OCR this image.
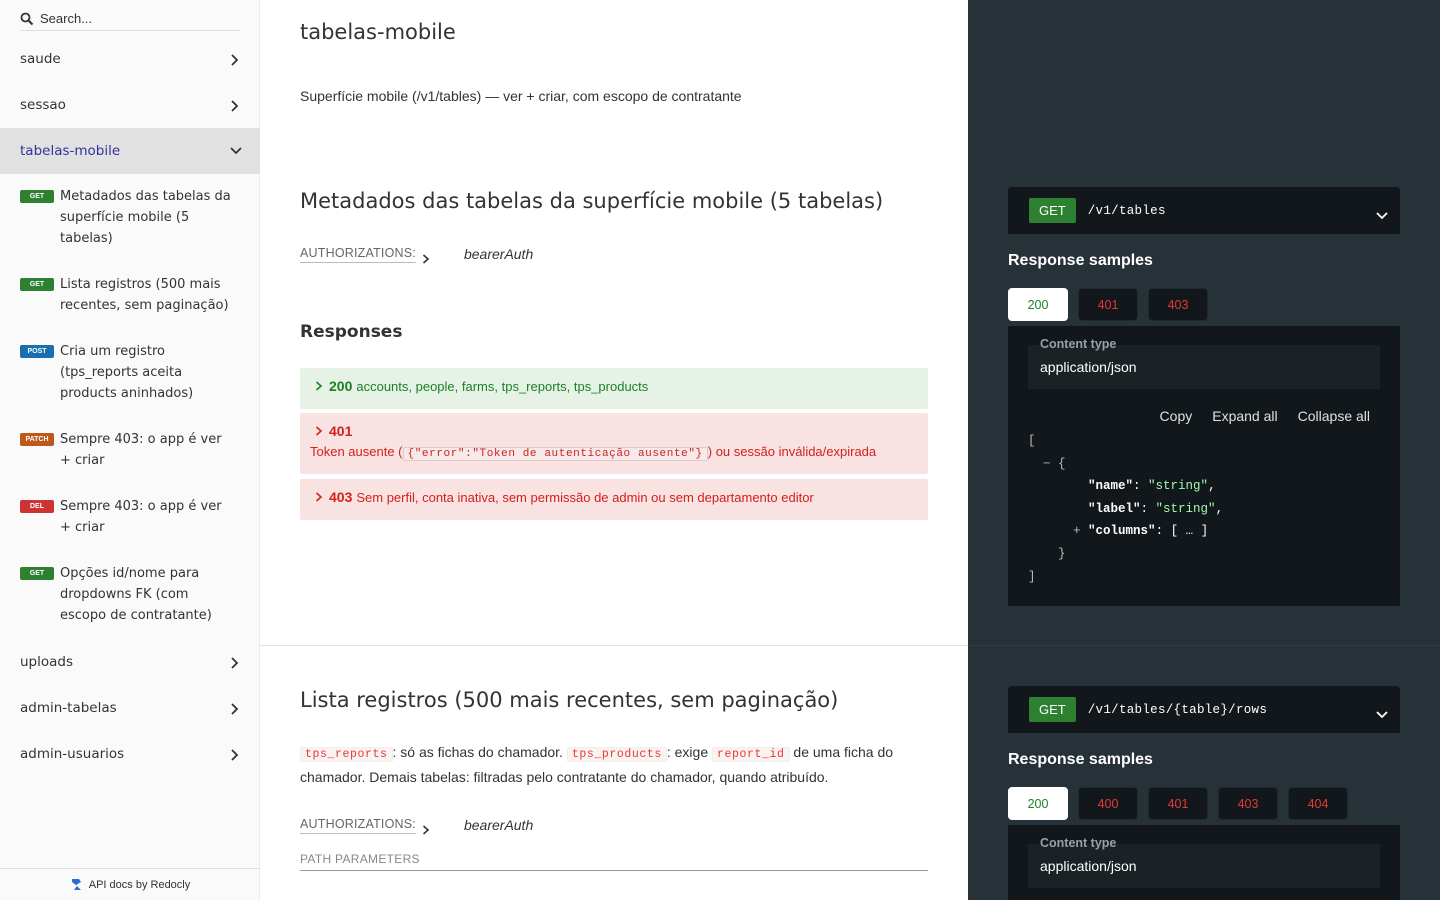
Search...
saude
sessao
tabelas-mobile
GET	Metadados das tabelas da superfície mobile (5 tabelas)
GET	Lista registros (500 mais recentes, sem paginação)
POST	Cria um registro (tps_reports aceita products aninhados)
PATCH Sempre 403: o app é ver + criar
DEL	Sempre 403: o app é ver + criar
GET	Opções id/nome para dropdowns FK (com escopo de contratante)
uploads
admin-tabelas
admin-usuarios
API docs by Redocly
tabelas-mobile

Superfície mobile (/v1/tables) — ver + criar, com escopo de contratante

Metadados das tabelas da superfície mobile (5 tabelas)
AUTHORIZATIONS:	bearerAuth
Responses
200 accounts, people, farms, tps_reports, tps_products
401
Token ausente ( {"error":"Token de autenticação ausente"} ) ou sessão inválida/expirada
403 Sem perfil, conta inativa, sem permissão de admin ou sem departamento editor
Lista registros (500 mais recentes, sem paginação)

tps_reports : só as fichas do chamador. tps_products : exige report_id de uma ficha do chamador. Demais tabelas: filtradas pelo contratante do chamador, quando atribuído.

AUTHORIZATIONS:	bearerAuth
PATH PARAMETERS
GET	/v1/tables
Response samples
200	401	403
Content type
application/json
Copy Expand all Collapse all
[
− {
"name": "string",
"label": "string",
+ "columns": [ … ]
}
]
GET	/v1/tables/{table}/rows
Response samples
200	400	401	403	404
Content type
application/json
